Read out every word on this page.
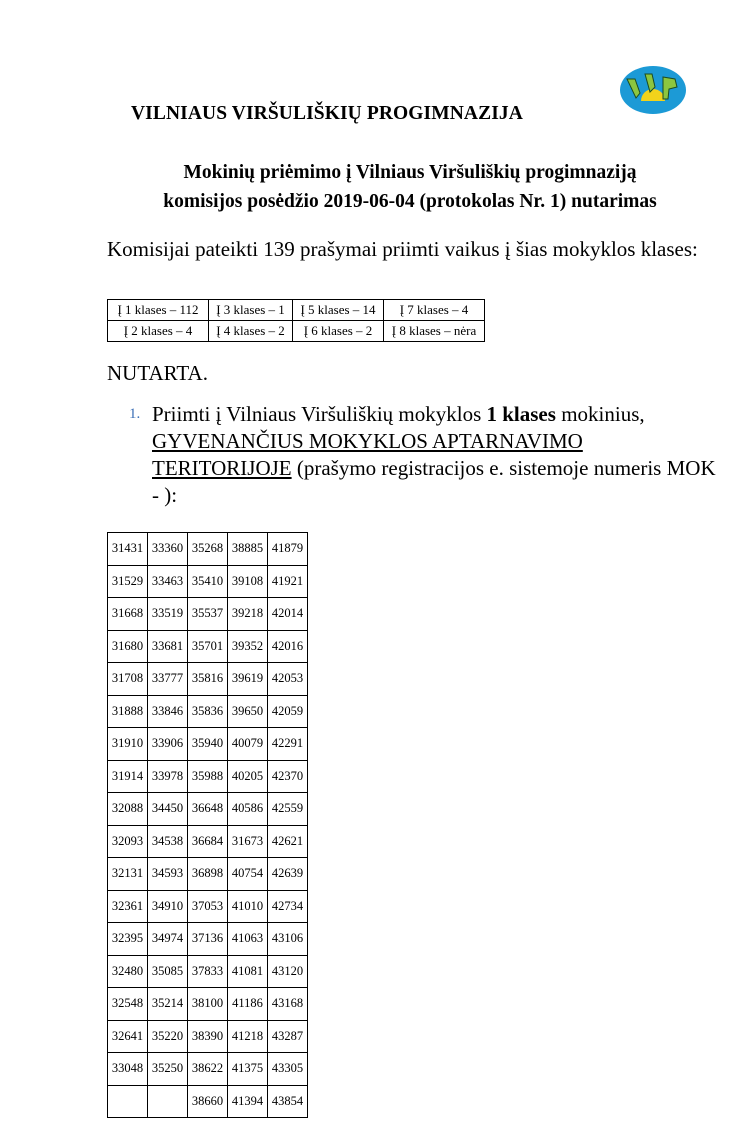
VILNIAUS VIRŠULIŠKIŲ PROGIMNAZIJA
Mokinių priėmimo į Vilniaus Viršuliškių progimnaziją
komisijos posėdžio 2019-06-04 (protokolas Nr. 1) nutarimas
Komisijai pateikti 139 prašymai priimti vaikus į šias mokyklos klases:
Į 1 klases – 112	Į 3 klases – 1	Į 5 klases – 14	Į 7 klases – 4
Į 2 klases – 4	Į 4 klases – 2	Į 6 klases – 2	Į 8 klases – nėra
NUTARTA.
1. Priimti į Vilniaus Viršuliškių mokyklos 1 klases mokinius,
GYVENANČIUS MOKYKLOS APTARNAVIMO TERITORIJOJE (prašymo registracijos e. sistemoje numeris MOK - ):
31431	33360	35268	38885	41879
31529	33463	35410	39108	41921
31668	33519	35537	39218	42014
31680	33681	35701	39352	42016
31708	33777	35816	39619	42053
31888	33846	35836	39650	42059
31910	33906	35940	40079	42291
31914	33978	35988	40205	42370
32088	34450	36648	40586	42559
32093	34538	36684	31673	42621
32131	34593	36898	40754	42639
32361	34910	37053	41010	42734
32395	34974	37136	41063	43106
32480	35085	37833	41081	43120
32548	35214	38100	41186	43168
32641	35220	38390	41218	43287
33048	35250	38622	41375	43305
		38660	41394	43854
